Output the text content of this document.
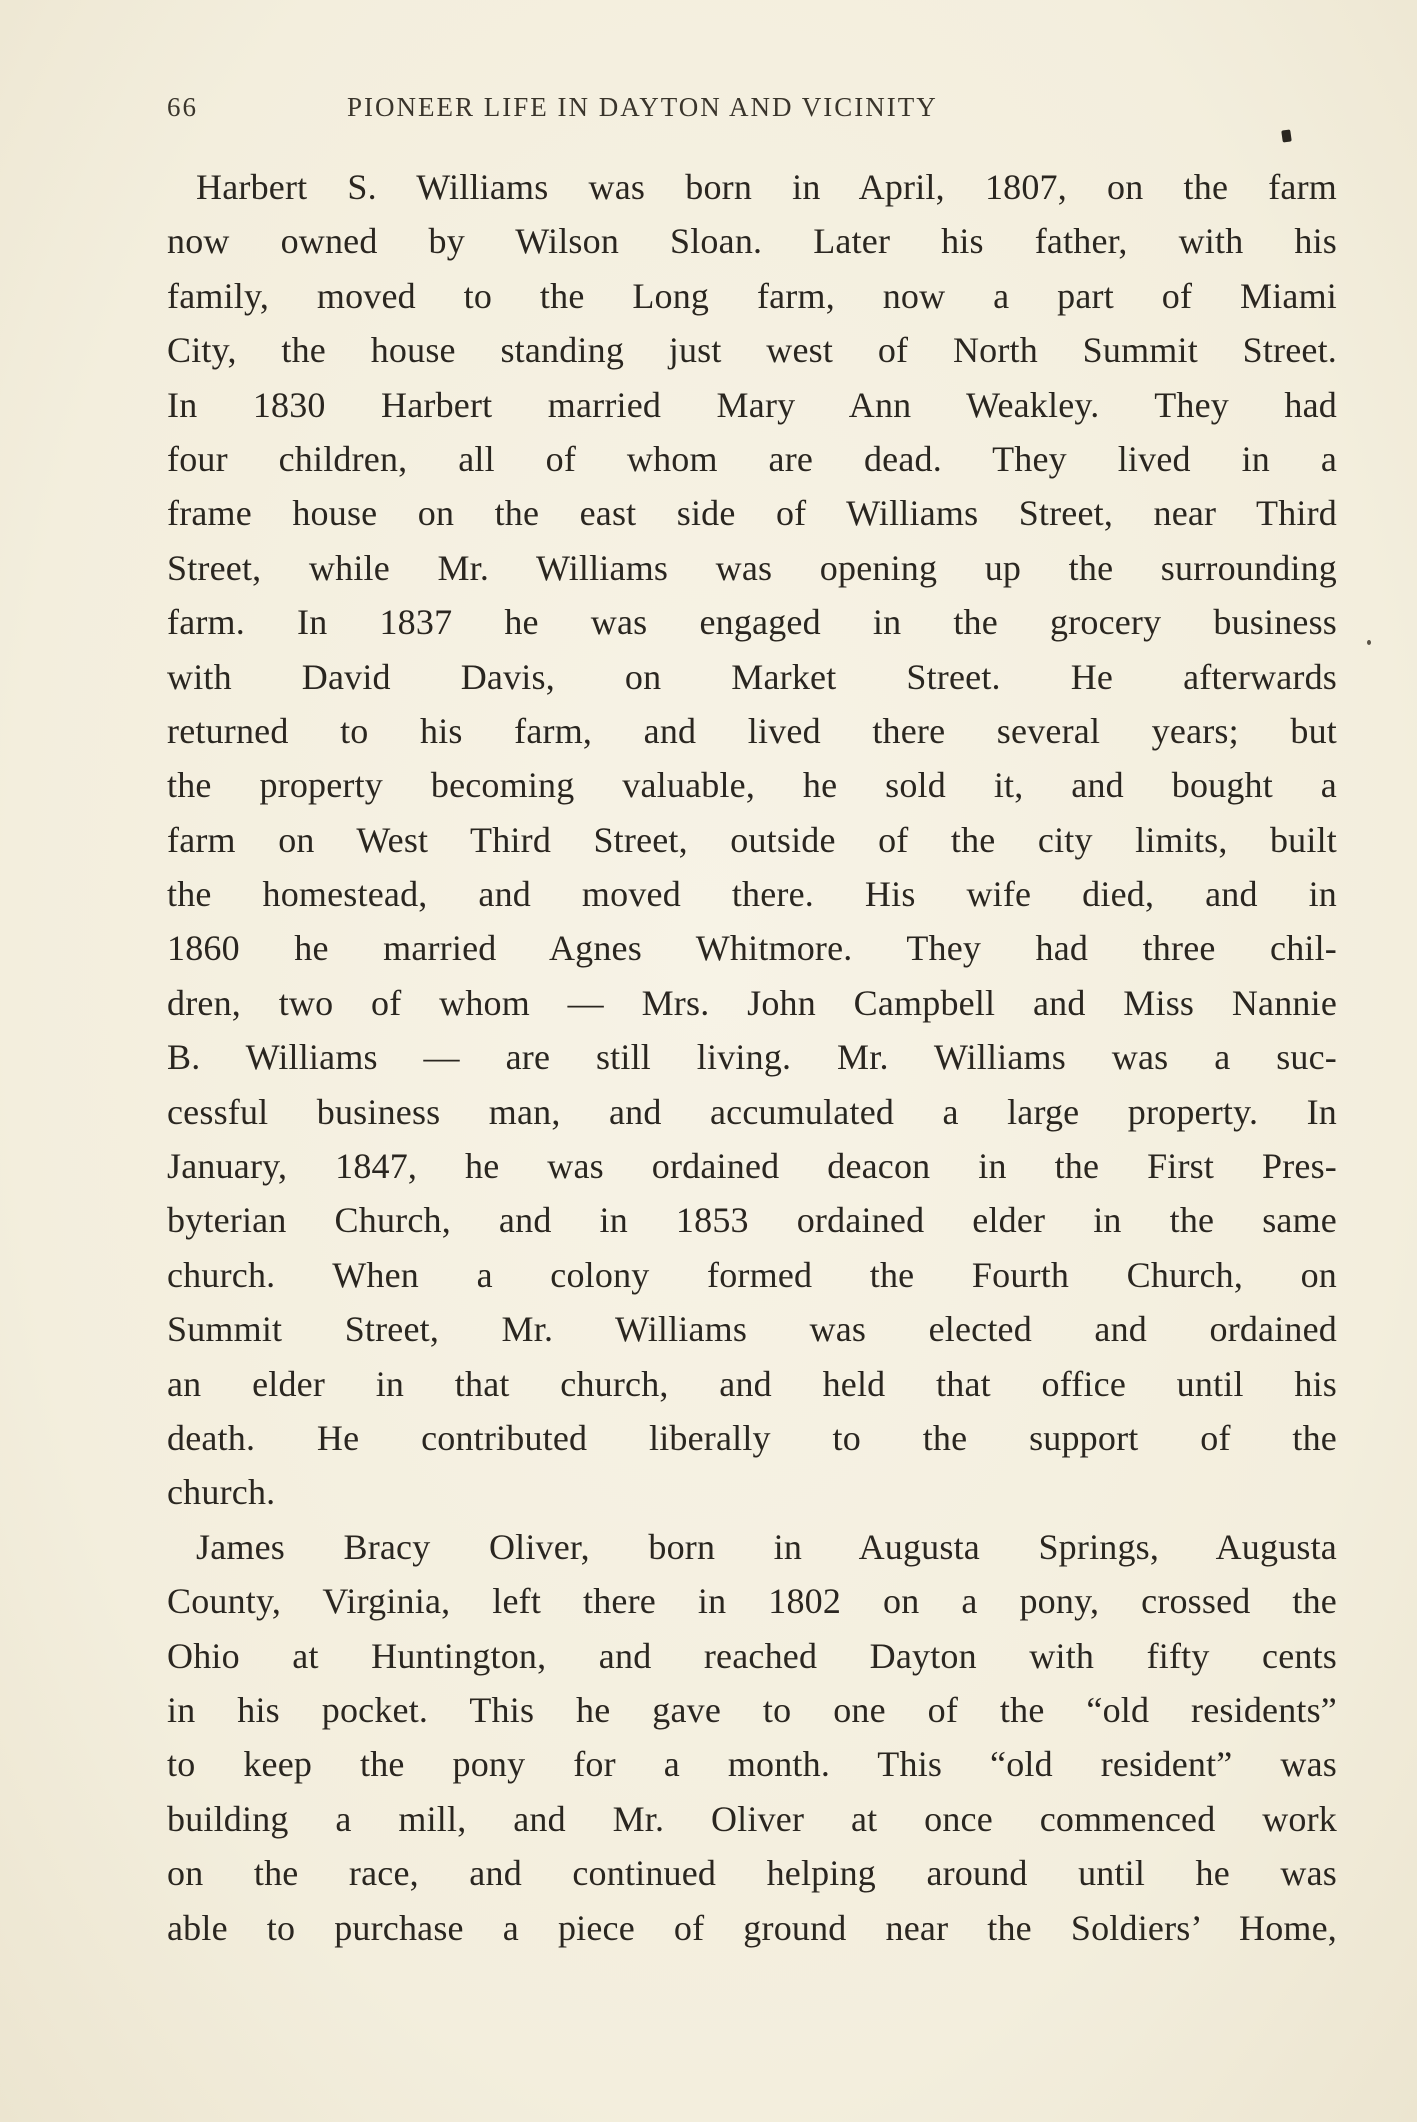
66	PIONEER LIFE IN DAYTON AND VICINITY
Harbert S. Williams was born in April, 1807, on the farm
now owned by Wilson Sloan. Later his father, with his
family, moved to the Long farm, now a part of Miami
City, the house standing just west of North Summit Street.
In 1830 Harbert married Mary Ann Weakley. They had
four children, all of whom are dead. They lived in a
frame house on the east side of Williams Street, near Third
Street, while Mr. Williams was opening up the surrounding
farm. In 1837 he was engaged in the grocery business
with David Davis, on Market Street. He afterwards
returned to his farm, and lived there several years; but
the property becoming valuable, he sold it, and bought a
farm on West Third Street, outside of the city limits, built
the homestead, and moved there. His wife died, and in
1860 he married Agnes Whitmore. They had three chil-
dren, two of whom — Mrs. John Campbell and Miss Nannie
B. Williams — are still living. Mr. Williams was a suc-
cessful business man, and accumulated a large property. In
January, 1847, he was ordained deacon in the First Pres-
byterian Church, and in 1853 ordained elder in the same
church. When a colony formed the Fourth Church, on
Summit Street, Mr. Williams was elected and ordained
an elder in that church, and held that office until his
death. He contributed liberally to the support of the
church.
James Bracy Oliver, born in Augusta Springs, Augusta
County, Virginia, left there in 1802 on a pony, crossed the
Ohio at Huntington, and reached Dayton with fifty cents
in his pocket. This he gave to one of the “old residents”
to keep the pony for a month. This “old resident” was
building a mill, and Mr. Oliver at once commenced work
on the race, and continued helping around until he was
able to purchase a piece of ground near the Soldiers’ Home,
